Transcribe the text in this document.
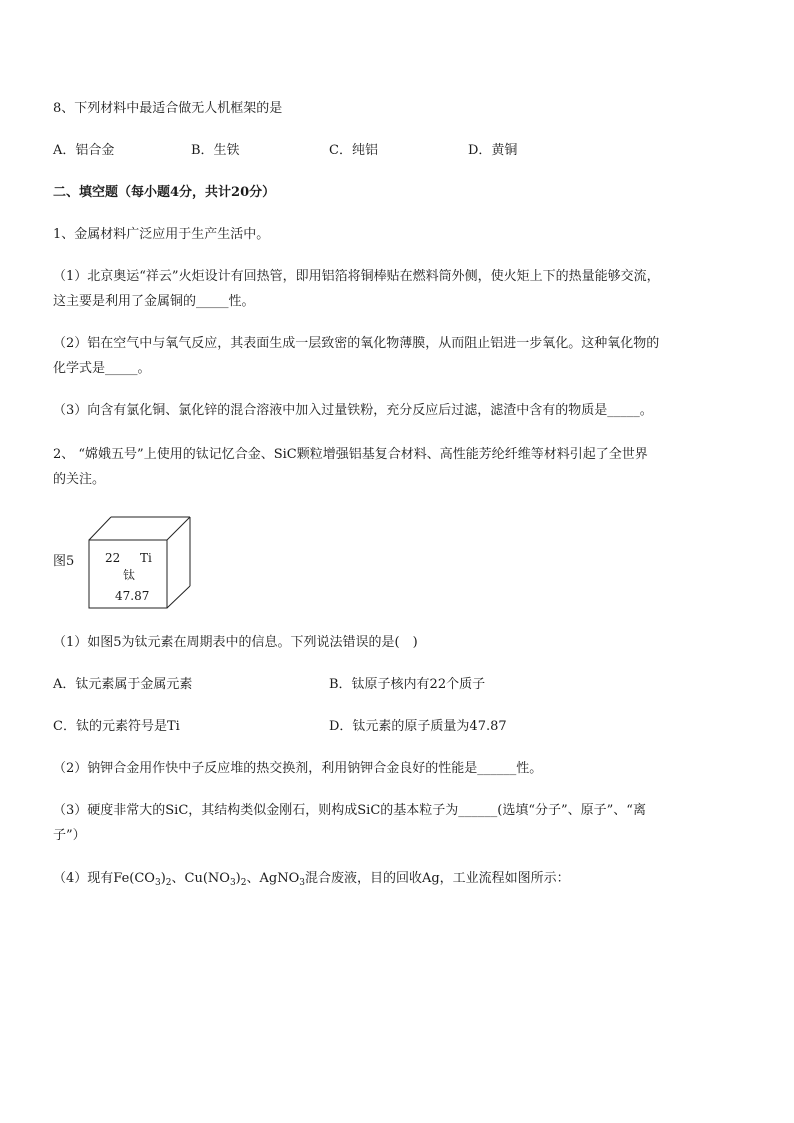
8、下列材料中最适合做无人机框架的是
A．铝合金	B．生铁	C．纯铝	D．黄铜
二、填空题（每小题4分，共计20分）
1、金属材料广泛应用于生产生活中。
（1）北京奥运“祥云”火炬设计有回热管，即用铝箔将铜棒贴在燃料筒外侧，使火矩上下的热量能够交流，
这主要是利用了金属铜的_____性。
（2）铝在空气中与氧气反应，其表面生成一层致密的氧化物薄膜，从而阻止铝进一步氧化。这种氧化物的
化学式是_____。
（3）向含有氯化铜、氯化锌的混合溶液中加入过量铁粉，充分反应后过滤，滤渣中含有的物质是_____。
2、 “嫦娥五号”上使用的钛记忆合金、SiC颗粒增强铝基复合材料、高性能芳纶纤维等材料引起了全世界
的关注。
图5	22 Ti
钛
47.87
（1）如图5为钛元素在周期表中的信息。下列说法错误的是(　)
A．钛元素属于金属元素	B．钛原子核内有22个质子
C．钛的元素符号是Ti	D．钛元素的原子质量为47.87
（2）钠钾合金用作快中子反应堆的热交换剂，利用钠钾合金良好的性能是______性。
（3）硬度非常大的SiC，其结构类似金刚石，则构成SiC的基本粒子为______(选填“分子”、原子”、“离
子”）
（4）现有$Fe(CO_3)_2$、$Cu(NO_3)_2$、AgNO$_3$混合废液，目的回收Ag，工业流程如图所示：
